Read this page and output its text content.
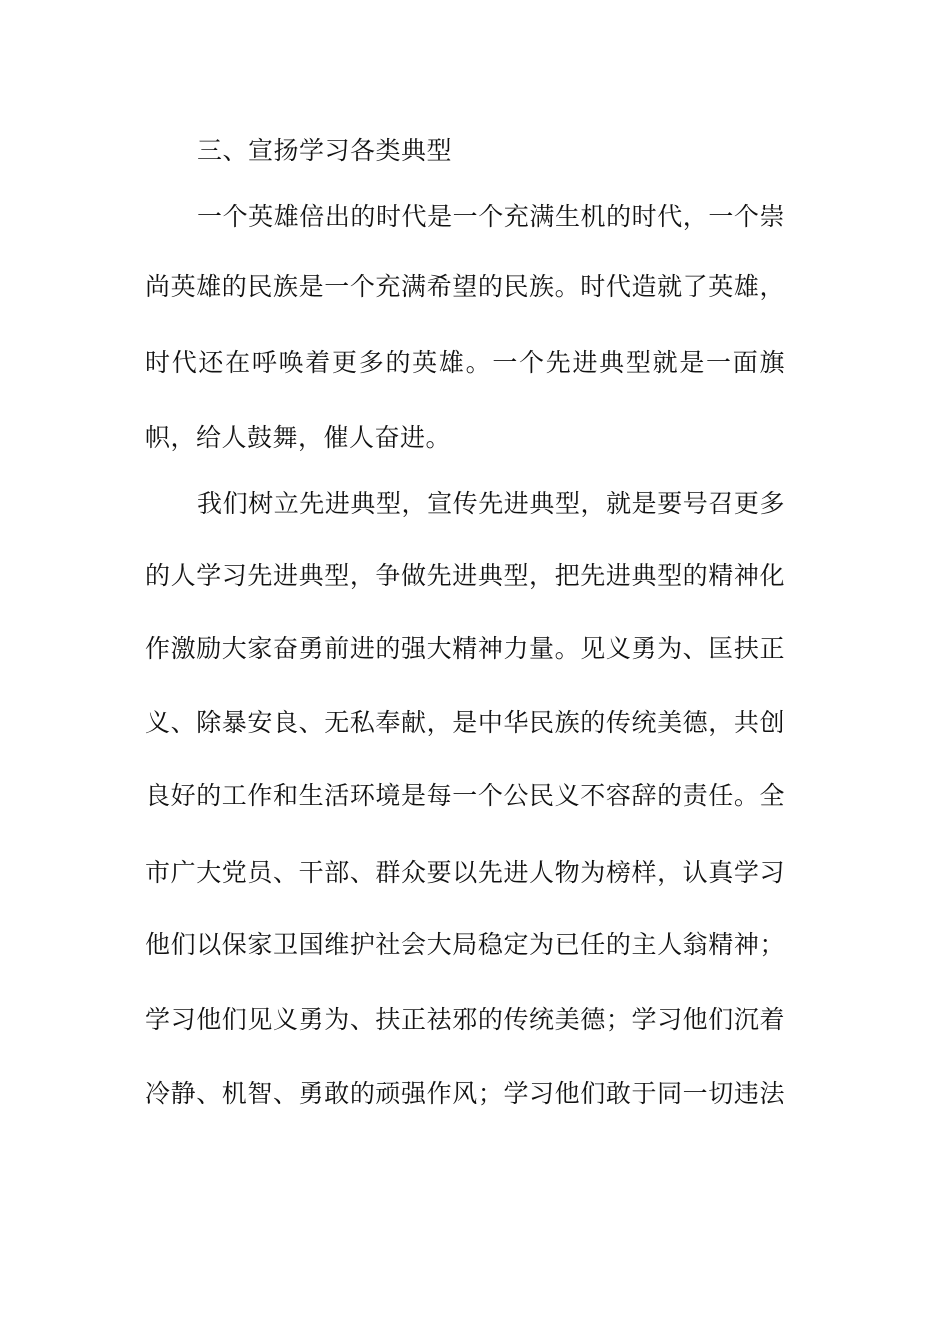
三、宣扬学习各类典型
一个英雄倍出的时代是一个充满生机的时代，一个崇
尚英雄的民族是一个充满希望的民族。时代造就了英雄，
时代还在呼唤着更多的英雄。一个先进典型就是一面旗
帜，给人鼓舞，催人奋进。
我们树立先进典型，宣传先进典型，就是要号召更多
的人学习先进典型，争做先进典型，把先进典型的精神化
作激励大家奋勇前进的强大精神力量。见义勇为、匡扶正
义、除暴安良、无私奉献，是中华民族的传统美德，共创
良好的工作和生活环境是每一个公民义不容辞的责任。全
市广大党员、干部、群众要以先进人物为榜样，认真学习
他们以保家卫国维护社会大局稳定为已任的主人翁精神；
学习他们见义勇为、扶正祛邪的传统美德；学习他们沉着
冷静、机智、勇敢的顽强作风；学习他们敢于同一切违法
